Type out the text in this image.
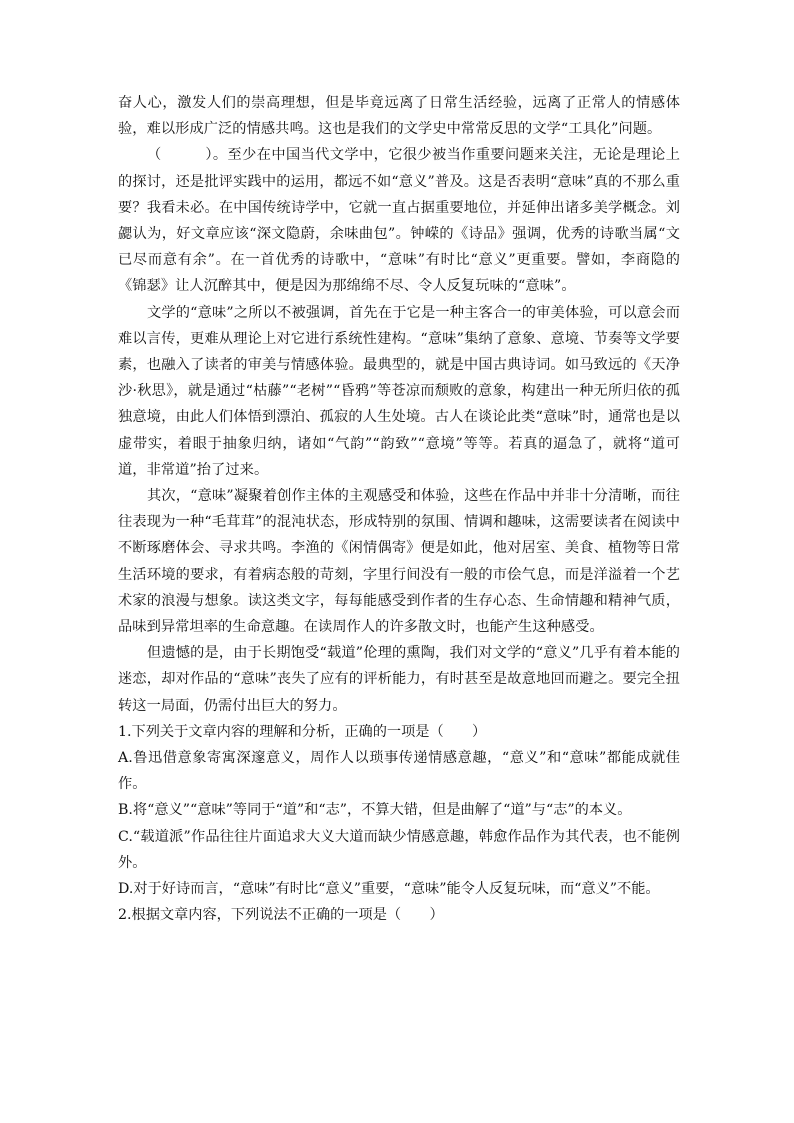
奋人心，激发人们的崇高理想，但是毕竟远离了日常生活经验，远离了正常人的情感体验，难以形成广泛的情感共鸣。这也是我们的文学史中常常反思的文学“工具化”问题。

（　　　）。至少在中国当代文学中，它很少被当作重要问题来关注，无论是理论上的探讨，还是批评实践中的运用，都远不如“意义”普及。这是否表明“意味”真的不那么重要？我看未必。在中国传统诗学中，它就一直占据重要地位，并延伸出诸多美学概念。刘勰认为，好文章应该“深文隐蔚，余味曲包”。钟嵘的《诗品》强调，优秀的诗歌当属“文已尽而意有余”。在一首优秀的诗歌中，“意味”有时比“意义”更重要。譬如，李商隐的《锦瑟》让人沉醉其中，便是因为那绵绵不尽、令人反复玩味的“意味”。

文学的“意味”之所以不被强调，首先在于它是一种主客合一的审美体验，可以意会而难以言传，更难从理论上对它进行系统性建构。“意味”集纳了意象、意境、节奏等文学要素，也融入了读者的审美与情感体验。最典型的，就是中国古典诗词。如马致远的《天净沙·秋思》，就是通过“枯藤”“老树”“昏鸦”等苍凉而颓败的意象，构建出一种无所归依的孤独意境，由此人们体悟到漂泊、孤寂的人生处境。古人在谈论此类“意味”时，通常也是以虚带实，着眼于抽象归纳，诸如“气韵”“韵致”“意境”等等。若真的逼急了，就将“道可道，非常道”抬了过来。

其次，“意味”凝聚着创作主体的主观感受和体验，这些在作品中并非十分清晰，而往往表现为一种“毛茸茸”的混沌状态，形成特别的氛围、情调和趣味，这需要读者在阅读中不断琢磨体会、寻求共鸣。李渔的《闲情偶寄》便是如此，他对居室、美食、植物等日常生活环境的要求，有着病态般的苛刻，字里行间没有一般的市侩气息，而是洋溢着一个艺术家的浪漫与想象。读这类文字，每每能感受到作者的生存心态、生命情趣和精神气质，品味到异常坦率的生命意趣。在读周作人的许多散文时，也能产生这种感受。

但遗憾的是，由于长期饱受“载道”伦理的熏陶，我们对文学的“意义”几乎有着本能的迷恋，却对作品的“意味”丧失了应有的评析能力，有时甚至是故意地回而避之。要完全扭转这一局面，仍需付出巨大的努力。

1.下列关于文章内容的理解和分析，正确的一项是（　　）

A.鲁迅借意象寄寓深邃意义，周作人以琐事传递情感意趣，“意义”和“意味”都能成就佳作。

B.将“意义”“意味”等同于“道”和“志”，不算大错，但是曲解了“道”与“志”的本义。

C.“载道派”作品往往片面追求大义大道而缺少情感意趣，韩愈作品作为其代表，也不能例外。

D.对于好诗而言，“意味”有时比“意义”重要，“意味”能令人反复玩味，而“意义”不能。

2.根据文章内容，下列说法不正确的一项是（　　）
